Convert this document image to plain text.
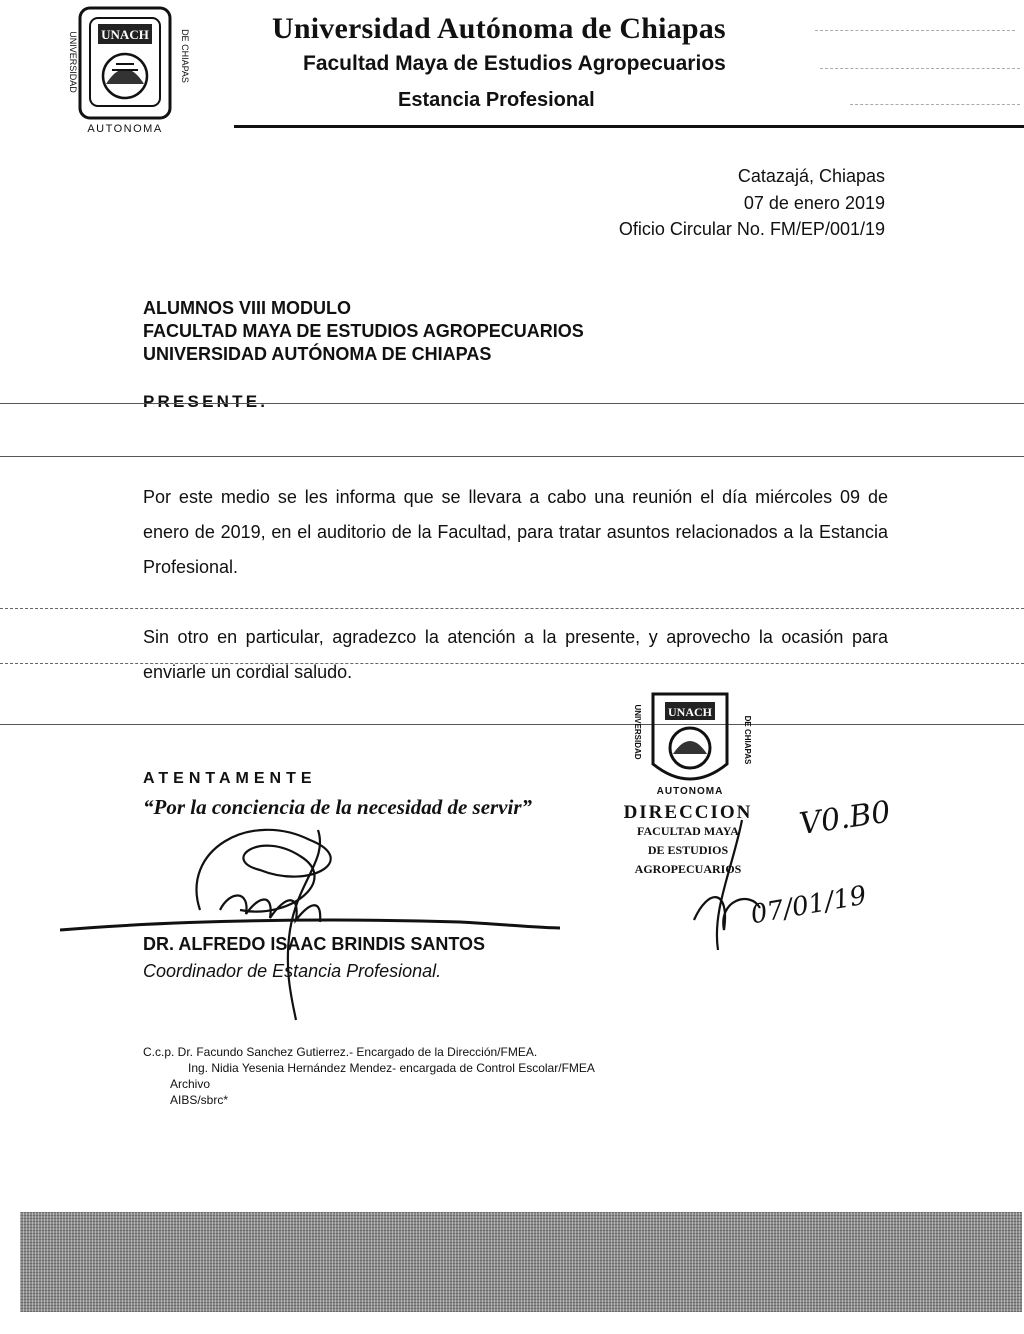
UNACH
UNIVERSIDAD	DE CHIAPAS
AUTONOMA
Universidad Autónoma de Chiapas
Facultad Maya de Estudios Agropecuarios
Estancia Profesional
Catazajá, Chiapas
07 de enero 2019
Oficio Circular No. FM/EP/001/19
ALUMNOS VIII MODULO
FACULTAD MAYA DE ESTUDIOS AGROPECUARIOS
UNIVERSIDAD AUTÓNOMA DE CHIAPAS
PRESENTE.
Por este medio se les informa que se llevara a cabo una reunión el día miércoles 09 de enero de 2019, en el auditorio de la Facultad, para tratar asuntos relacionados a la Estancia Profesional.
Sin otro en particular, agradezco la atención a la presente, y aprovecho la ocasión para enviarle un cordial saludo.
UNACH
UNIVERSIDAD	DE CHIAPAS
AUTONOMA
DIRECCION
FACULTAD MAYA
DE ESTUDIOS AGROPECUARIOS
V0.B0
07/01/19
ATENTAMENTE
“Por la conciencia de la necesidad de servir”
DR. ALFREDO ISAAC BRINDIS SANTOS
Coordinador de Estancia Profesional.
C.c.p. Dr. Facundo Sanchez Gutierrez.- Encargado de la Dirección/FMEA.
Ing. Nidia Yesenia Hernández Mendez- encargada de Control Escolar/FMEA
Archivo
AIBS/sbrc*
